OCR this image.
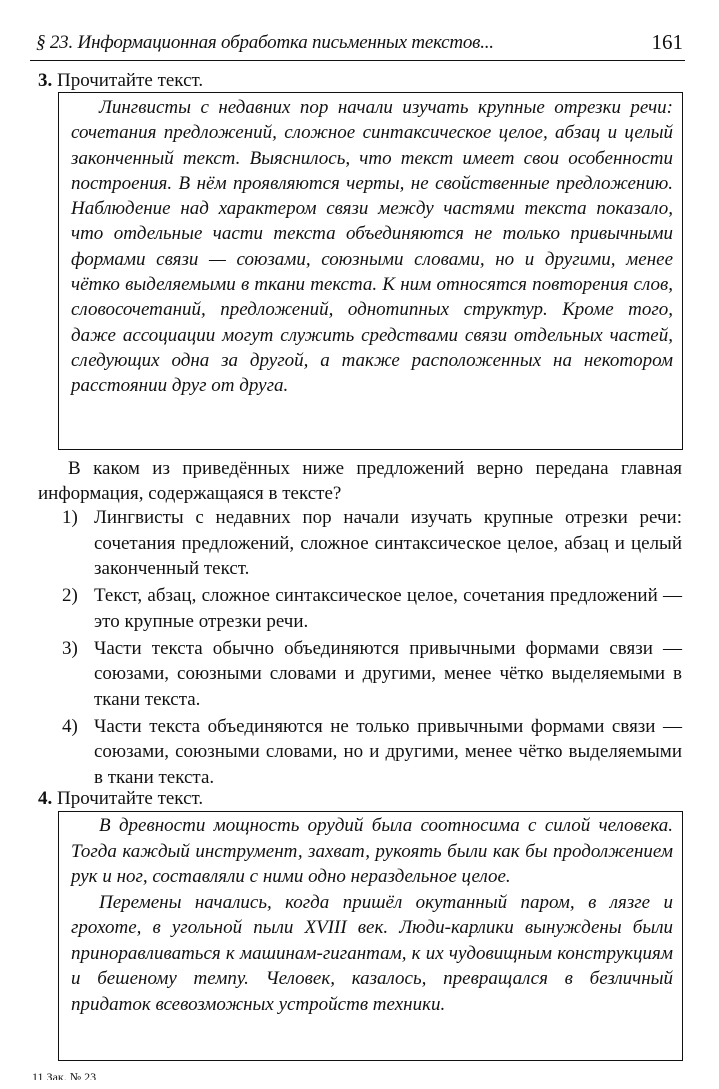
§ 23. Информационная обработка письменных текстов...	161
3. Прочитайте текст.

Лингвисты с недавних пор начали изучать крупные отрезки речи: сочетания предложений, сложное синтаксическое целое, абзац и целый законченный текст. Выяснилось, что текст имеет свои особенности построения. В нём проявляются черты, не свойственные предложению. Наблюдение над характером связи между частями текста показало, что отдельные части текста объединяются не только привычными формами связи — союзами, союзными словами, но и другими, менее чётко выделяемыми в ткани текста. К ним относятся повторения слов, словосочетаний, предложений, однотипных структур. Кроме того, даже ассоциации могут служить средствами связи отдельных частей, следующих одна за другой, а также расположенных на некотором расстоянии друг от друга.

В каком из приведённых ниже предложений верно передана главная информация, содержащаяся в тексте?
1) Лингвисты с недавних пор начали изучать крупные отрезки речи: сочетания предложений, сложное синтаксическое целое, абзац и целый законченный текст.
2) Текст, абзац, сложное синтаксическое целое, сочетания предложений — это крупные отрезки речи.
3) Части текста обычно объединяются привычными формами связи — союзами, союзными словами и другими, менее чётко выделяемыми в ткани текста.
4) Части текста объединяются не только привычными формами связи — союзами, союзными словами, но и другими, менее чётко выделяемыми в ткани текста.
4. Прочитайте текст.

В древности мощность орудий была соотносима с силой человека. Тогда каждый инструмент, захват, рукоять были как бы продолжением рук и ног, составляли с ними одно нераздельное целое.

Перемены начались, когда пришёл окутанный паром, в лязге и грохоте, в угольной пыли XVIII век. Люди-карлики вынуждены были приноравливаться к машинам-гигантам, к их чудовищным конструкциям и бешеному темпу. Человек, казалось, превращался в безличный придаток всевозможных устройств техники.

11 Зак. № 23
